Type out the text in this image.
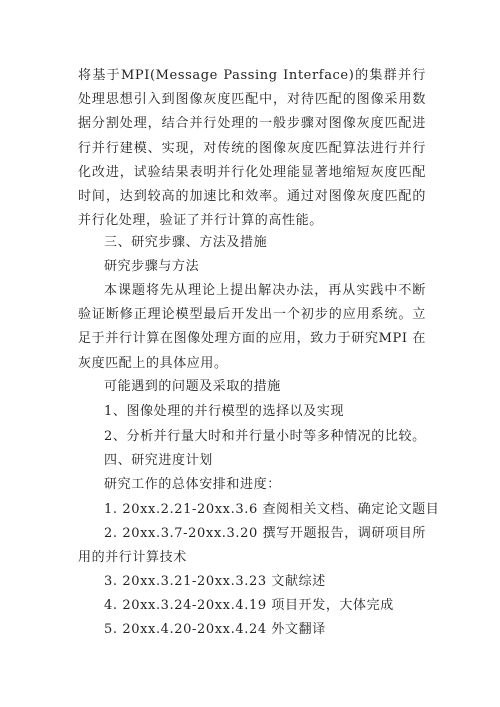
将基于MPI(Message Passing Interface)的集群并行处理思想引入到图像灰度匹配中，对待匹配的图像采用数据分割处理，结合并行处理的一般步骤对图像灰度匹配进行并行建模、实现，对传统的图像灰度匹配算法进行并行化改进，试验结果表明并行化处理能显著地缩短灰度匹配时间，达到较高的加速比和效率。通过对图像灰度匹配的并行化处理，验证了并行计算的高性能。

三、研究步骤、方法及措施

研究步骤与方法

本课题将先从理论上提出解决办法，再从实践中不断验证断修正理论模型最后开发出一个初步的应用系统。立足于并行计算在图像处理方面的应用，致力于研究MPI 在灰度匹配上的具体应用。

可能遇到的问题及采取的措施

1、图像处理的并行模型的选择以及实现

2、分析并行量大时和并行量小时等多种情况的比较。

四、研究进度计划

研究工作的总体安排和进度：

1. 20xx.2.21-20xx.3.6 查阅相关文档、确定论文题目

2. 20xx.3.7-20xx.3.20 撰写开题报告，调研项目所用的并行计算技术

3. 20xx.3.21-20xx.3.23 文献综述

4. 20xx.3.24-20xx.4.19 项目开发，大体完成

5. 20xx.4.20-20xx.4.24 外文翻译
